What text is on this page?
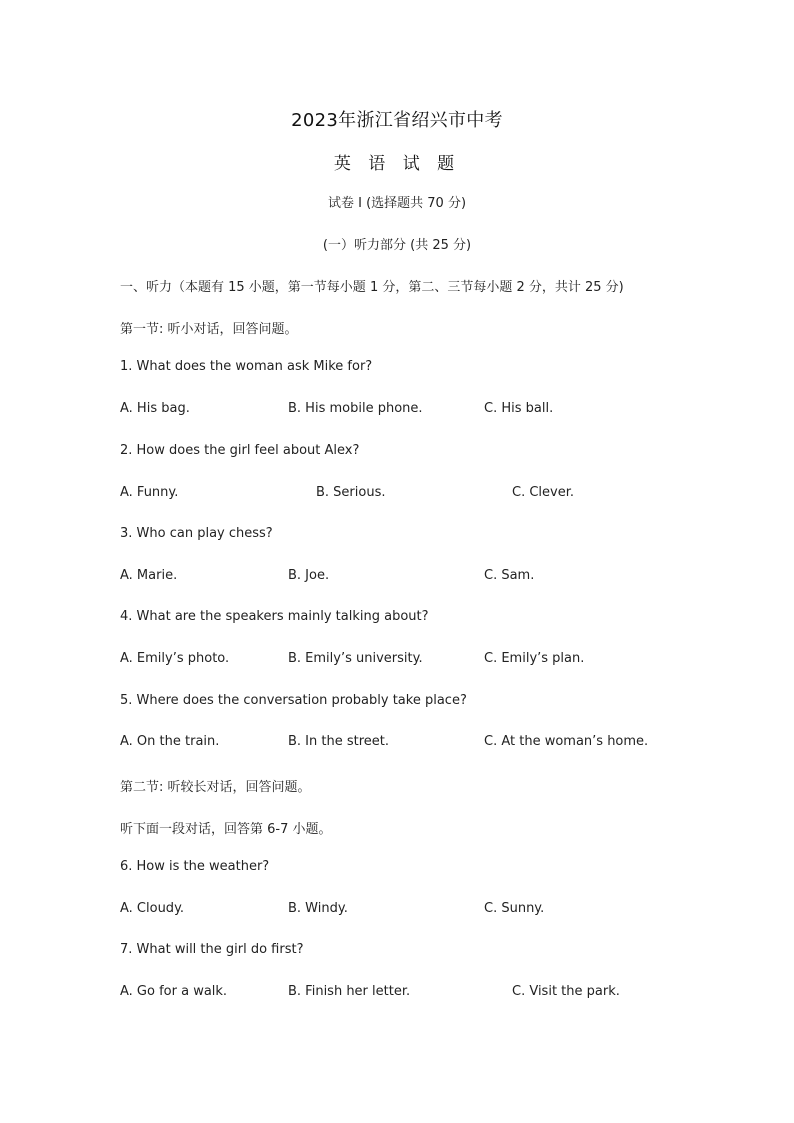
2023年浙江省绍兴市中考
英 语 试 题
试卷 I (选择题共 70 分)
(一）听力部分 (共 25 分)
一、听力（本题有 15 小题，第一节每小题 1 分，第二、三节每小题 2 分，共计 25 分)
第一节: 听小对话，回答问题。
1. What does the woman ask Mike for?
A. His bag.	B. His mobile phone.	C. His ball.
2. How does the girl feel about Alex?
A. Funny.	B. Serious.	C. Clever.
3. Who can play chess?
A. Marie.	B. Joe.	C. Sam.
4. What are the speakers mainly talking about?
A. Emily’s photo.	B. Emily’s university.	C. Emily’s plan.
5. Where does the conversation probably take place?
A. On the train.	B. In the street.	C. At the woman’s home.
第二节: 听较长对话，回答问题。
听下面一段对话，回答第 6-7 小题。
6. How is the weather?
A. Cloudy.	B. Windy.	C. Sunny.
7. What will the girl do first?
A. Go for a walk.	B. Finish her letter.	C. Visit the park.
